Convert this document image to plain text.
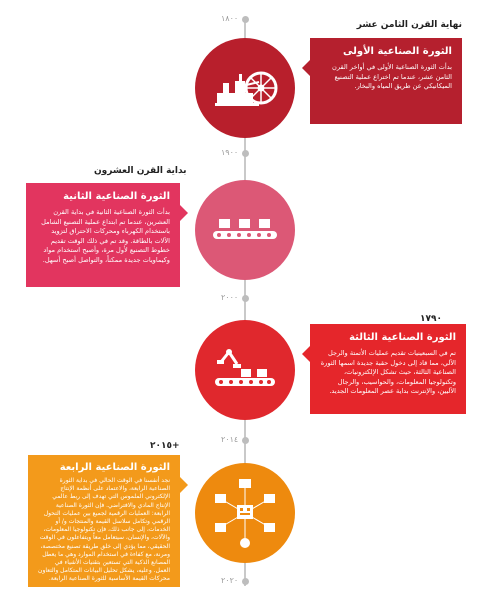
١٨٠٠
١٩٠٠
٢٠٠٠
٢٠١٤
٢٠٢٠
نهاية القرن الثامن عشر
بداية القرن العشرون
١٧٩٠
٢٠١٥+
الثورة الصناعية الأولى
بدأت الثورة الصناعية الأولى في أواخر القرن الثامن عشر، عندما تم اختراع عملية التصنيع الميكانيكي عن طريق المياه والبخار.
الثورة الصناعية الثانية
بدأت الثورة الصناعية الثانية في بداية القرن العشرين، عندما تم ابتداع عملية التصنيع الشامل باستخدام الكهرباء ومحركات الاحتراق لتزويد الآلات بالطاقة. وقد تم في ذلك الوقت تقديم خطوط التصنيع لأول مرة، وأصبح استخدام مواد وكيماويات جديدة ممكناً، والتواصل أصبح أسهل.
الثورة الصناعية الثالثة
تم في السبعينيات تقديم عمليات الأتمتة والرجل الآلي، مما قاد إلى دخول حقبة جديدة اسمها الثورة الصناعية الثالثة، حيث تشكل الإلكترونيات، وتكنولوجيا المعلومات، والحواسيب، والرجال الآليين، والإنترنت بداية عصر المعلومات الجديد.
الثورة الصناعية الرابعة
نجد أنفسنا في الوقت الحالي في بداية الثورة الصناعية الرابعة، والاعتماد على أنظمة الإنتاج الإلكتروني الملموس التي تهدف إلى ربط عالمي الإنتاج المادي والافتراضي. فإن الثورة الصناعية الرابعة: العمليات الرقمية لجميع بين عمليات التحول الرقمي وتكامل سلاسل القيمة والمنتجات و/ أو الخدمات، إلى جانب ذلك، فإن تكنولوجيا المعلومات، والآلات، والإنسان، سيتعامل معاً ويتفاعلون في الوقت الحقيقي، مما يؤدي إلى خلق طريقة تصنيع مختصصة، ومرنة، مع كفاءة في استخدام الموارد وهي ما يعطل المصانع الذكية التي تستعين بتقنيات الأشياء في العمل. وعليه، يشكل تحليل البيانات المتكامل والتعاون محركات القيمة الأساسية للثورة الصناعية الرابعة.
